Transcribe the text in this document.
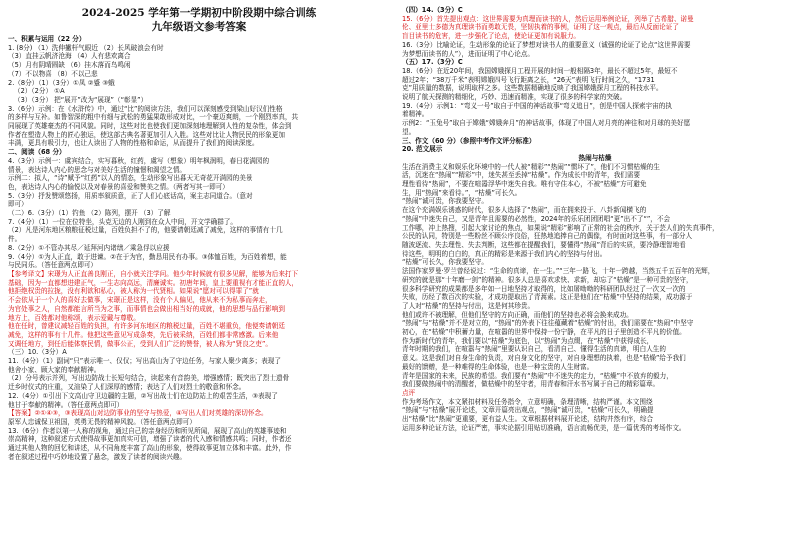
2024-2025 学年第一学期初中阶段期中综合训练

九年级语文参考答案

一、积累与运用（22 分）

1. (8分) （1）洗伸撇杆气眼近 （2）长风破浪会有时

（3）直挂云帆济沧海 （4）人有悲欢离合

（5）月有阴晴圆缺 （6）挂木落而鸟鸣闲

（7）不以物喜 （8）不以己悲

2.（8分）（1）（3分）①凤 ②蹙 ③蛾

（2）（2分） ①A

（3）（3分） 把“展开”改为“展现”（“彰显”）

3.（6分）示例：在《水浒传》中，通过“比”的阅读方法，我们可以深刻感受到梁山好汉们性格

的多样与互补。如鲁智深的粗中有细与武松的勇猛果敢形成对比，一个豪迈爽朗，一个刚烈率真，共

同展现了英雄豪杰的不同风貌。同时，这些对比也使我们更加深刻地理解到人性的复杂性，体会到

作者在塑造人物上的匠心独运，使这部古典名著更加引人入胜。这些对比让人物民民的形象更加

丰满，更具有吸引力，也让人读出了人物的性格和命运，从而提升了我们的阅读深度。

二、阅读（68 分）

4.（3分）示例一：虞宾结合，实写暮秋，红药，虞写（想象）明年枫润明，春日花满园的

情景，表达诗人内心的思念与对美好生活的憧憬和渴望之情。

示例二：拟人，“诗”赋予“红药”以人的情态，生动形象写出暮天无奇花开满园的美景

色，表达诗人内心的愉悦以及对春景的喜爱和赞美之情。（两者写其一即可）

5.（3分）抒发赞颂悠扬，用质率叙质意，正了人们心底话高，案主志同道合。（意对

即可）

（二）6.（3分）（1）钓鱼 （2）陈列，摆开 （3）了解

7.（4分）（1）一位在位特坐，头克无边的人刚到在众人中间，开文学确群了。

（2）凡是河东地区粮粮征税过量，百姓负担不了的，他要请朝廷减了减免，这样的事情有十几

件。

8.（2分）①不管办其尽／延拜河内诸缮／乘急俘以应援

9.（4分）①为人正直，敢于进谏。②在于为官，勤恳用民有办事。③体恤百姓，为百姓着想，能

与民同乐。（答任意两点即可）

【参考译文】宋璟为人正直善良刚正，自小就关注学问。他少年时候就有很多见解，能够为后来打下

基础，因为一直都想进建正气，一生志向高远，清廉诚实。初唐年间，皇上要重视有才能正直的人，

他拒绝权贵的拉拢，没有利欲和私心，被人称为一代贤相。如果说“愿对可以得罪了”就

不会依从于一个人的喜好去做事，宋璟正是这样，没有个人偏见，他从来不为私事而奔走，

为官处事之人，自然都能言所当为之事，而事情也会做出相当好的成就，他的思想与品行影响到

地方上，百姓都对他称颂，表示爱戴与尊敬。

他在任时，曾建议减轻百姓的负担，有许多河东地区的粮税过量，百姓不堪重负，他便奏请朝廷

减免，这样的事有十几件。他把这些意见写成条奏，先后被采纳，百姓们都非常感激。后来他

又调任地方，到任后能体察民情，做事公正，受到人们广泛的赞誉，被人称为“贤良之吏”。

（三）10.（3分）A

11.（4分）（1）副词“只”表示唯一、仅仅；写出高山为了守边任务，与家人聚少离多；表现了

他舍小家、顾大家的奉献精神。

（2）分号表示并列，写出边防战士长短句结合，读起来有音韵美，增强感情；既突出了烈士遗骨

迁乡时仪式的庄重，又渲染了人们深厚的感情；表达了人们对烈士的敬意和怀念。

12.（4分）①引出下文高山守卫边疆的主题，②写出战士们在边防站上的艰苦生活，③表现了

他甘于奉献的精神。（答任意两点即可）

【答案】②①④③，③表现高山对边防事业的坚守与热爱，④写出人们对英雄的深切怀念。

原军人忠诚保卫祖国，英勇无畏的精神风貌。（答任意两点即可）

13.（6分）作者以第一人称的视角，通过自己的亲身经历和所见所闻，展现了高山的英雄事迹和

崇高精神，这种叙述方式使得故事更加真实可信，增强了读者的代入感和情感共鸣；同时，作者还

通过其他人物的回忆和讲述，从不同角度丰富了高山的形象，使得故事更加立体和丰富。此外，作

者在叙述过程中巧妙地设置了悬念，激发了读者的阅读兴趣。

（四）14.（3分）C

15.（6分）首先提出观点：这世界需要为真理而读书的人，然后运用举例论证，列举了古希腊、诺曼

伦、亚里士多德为真理读书而勇敢无畏，坚韧执着的事例，证明了这一观点，最后从反面论证了

盲目读书的危害，进一步强化了论点，使论证更加有说服力。

16.（3分）比喻论证，生动形象的论证了梦想对读书人的重要意义（诚强的论证了论点“这世界需要

为梦想而读书的人”），进而证明了中心论点。

（五）17.（3分）C

18.（6分）在近20年间，我国嫦娥探月工程开展的时间一般相隔3年，最长不超过5年，最短不

超过2年；“38万千米”表明嫦娥四号飞行距离之长，“26天”表明飞行时间之久，“1731

克”用质量的数据，说明取样之多。这些数据精确地反映了我国嫦娥探月工程的科技水平。

说明了航天探测的精细化，巧妙、迅速而精准，实现了很多的科学家的突破。

19.（4分）示例1：“弯义一号”取自于中国的神话故事“弯义追日”，创是中国人探索宇宙的执

着精神。

示例2：“玉兔号”取自于嫦娥“嫦娥奔月”的神话故事，体现了中国人对月亮的神往和对月球的美好愿

望。

三、作文（60 分）（参照中考作文评分标准）

20. 范文展示

热闹与枯燥

生活在消费主义和娱乐化环境中的一代人被“精彩”“热闹”“惯坏了”，他们不习惯枯燥的生

活，沉迷在“热闹”“精彩”中，迷失甚至丢掉“枯燥”。作为成长中的青年，我们需要

理性看待“热闹”，不要在喧嚣浮华中迷失自我。唯有守住本心，不被“枯燥”方可避免

生，用“热闹”来看待。”，“枯燥”可长久。

“热闹”诚可贵，你我要坚守。

在这个充满娱乐诱惑的时代，很多人选择了“热闹”，而在拥来投于、八卦新闻横飞的

“热闹”中迷失自己，又是青年且需要的必然性，2024年的乐乐团团团唱“更”出不了“”，不会

工作哪，冲上热搜，引起大家讨论的焦点，如果说“精彩”影响了正常的社会的秩序，关于芸人们的失真事件，

公民的认同，特别是一些粉丝不顾公序良俗，狂热地追捧自己的偶像，有时面对这些事，有一部分人

随波逐流、失去理性、失去判断，这些都在提醒我们，要懂得“热闹”背后的实质，要冷静理智地看

待这些，明明的白白的，真正的精彩是来源于我们内心的坚持与付出。

“枯燥”可长久，你我要坚守。

法国作家罗曼·罗兰曾经说过：“生命的真谛，在一生。”“三年一路飞，十年一跨越，当然五千五百年的光辉，

研究的就是那“十年磨一剑”的精神。很多人总是喜欢求快、求新，却忘了“枯燥”是一种可贵的坚守，

很多科学研究的成果都是多年如一日地坚持才取得的，比如屠呦呦的科研团队经过了一次又一次的

失败，历经了数百次的实验，才成功提取出了青蒿素。这正是他们在“枯燥”中坚持的结果，成功源于

了人对“枯燥”的坚持与付出，这是何其珍贵。

他们或许不被理解，但他们坚守的方向正确，而他们的坚持也必将会换来成功。

“热闹”与“枯燥”并不是对立的，“热闹”的外表下往往蕴藏着“枯燥”的付出，我们需要在“热闹”中坚守

初心，在“枯燥”中积蓄力量，在喧嚣的世界中保持一份宁静，在平凡的日子里创造不平凡的价值。

作为新时代的青年，我们要以“枯燥”为底色，以“热闹”为点缀，在“枯燥”中获得成长，

青年时期的我们，在喧嚣与“热闹”里要认识自己，看清自己、懂得生活的真谛，明白人生的

意义。这是我们对自身生命的负责，对自身文化的坚守，对自身理想的执着，也是“枯燥”给予我们

最好的馈赠，是一种难得的生命体验，也是一种宝贵的人生财富。

青年是国家的未来，民族的希望。我们要有“热闹”中不迷失的定力，“枯燥”中不放弃的毅力，

我们要做热闹中的清醒者，做枯燥中的坚守者，用青春和汗水书写属于自己的精彩篇章。

点评

作为考场作文，本文紧扣材料及任务指令，立意明确，条理清晰，结构严谨。本文围绕

“热闹”与“枯燥”展开论述，文章开篇亮出观点，“热闹”诚可贵，“枯燥”可长久，明确提

出“枯燥”比“热闹”更重要，更有益人生。文章根据材料展开论述，结构井然有序，综合

运用多种论证方法，论证严密，事实论据引用贴切准确，语言流畅优美，是一篇优秀的考场作文。
